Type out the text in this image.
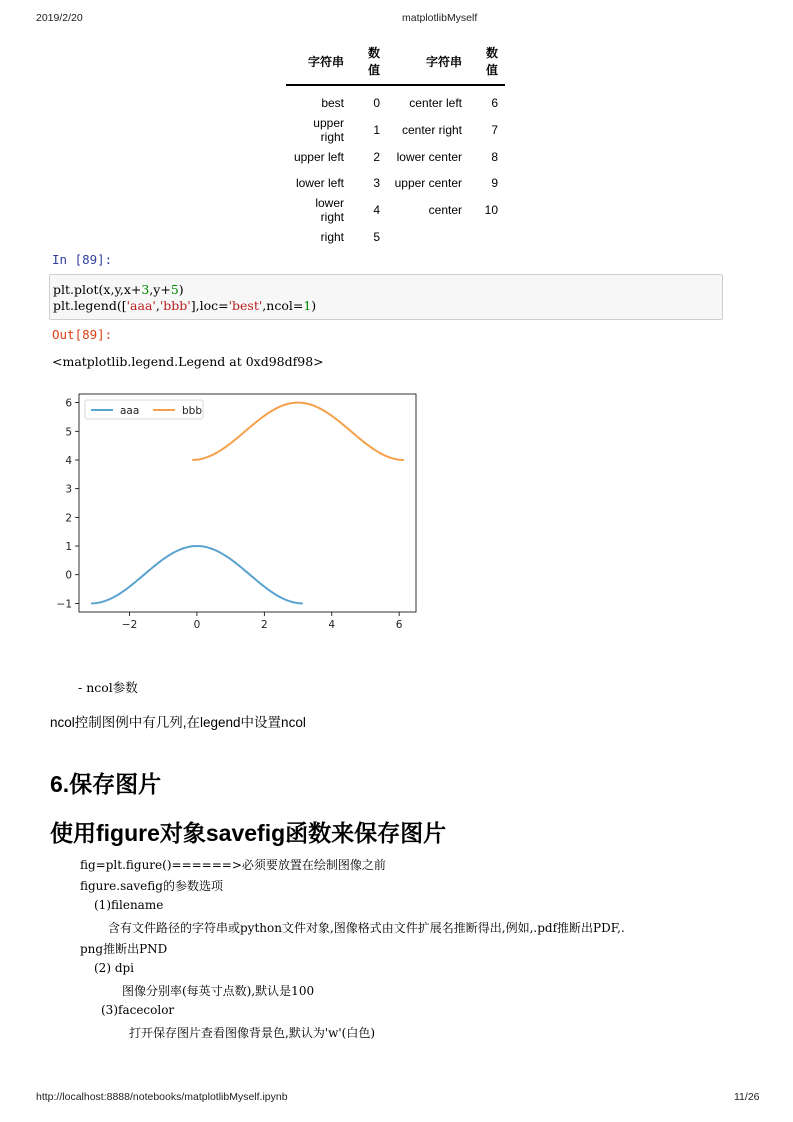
2019/2/20	matplotlibMyself
字符串	数值	字符串	数值
best	0	center left	6
upper right	1	center right	7
upper left	2	lower center	8
lower left	3	upper center	9
lower right	4	center	10
right	5		
In [89]:
plt.plot(x,y,x+3,y+5)
plt.legend(['aaa','bbb'],loc='best',ncol=1)
Out[89]:
<matplotlib.legend.Legend at 0xd98df98>
−2	0	2	4	6
−1
0
1
2
3
4
5
6
aaa	bbb
- ncol参数
ncol控制图例中有几列,在legend中设置ncol
6.保存图片
使用figure对象savefig函数来保存图片
fig=plt.figure()======>必须要放置在绘制图像之前
figure.savefig的参数选项
(1)filename
含有文件路径的字符串或python文件对象,图像格式由文件扩展名推断得出,例如,.pdf推断出PDF,.
png推断出PND
(2) dpi
图像分别率(每英寸点数),默认是100
(3)facecolor
打开保存图片查看图像背景色,默认为'w'(白色)
http://localhost:8888/notebooks/matplotlibMyself.ipynb	11/26
